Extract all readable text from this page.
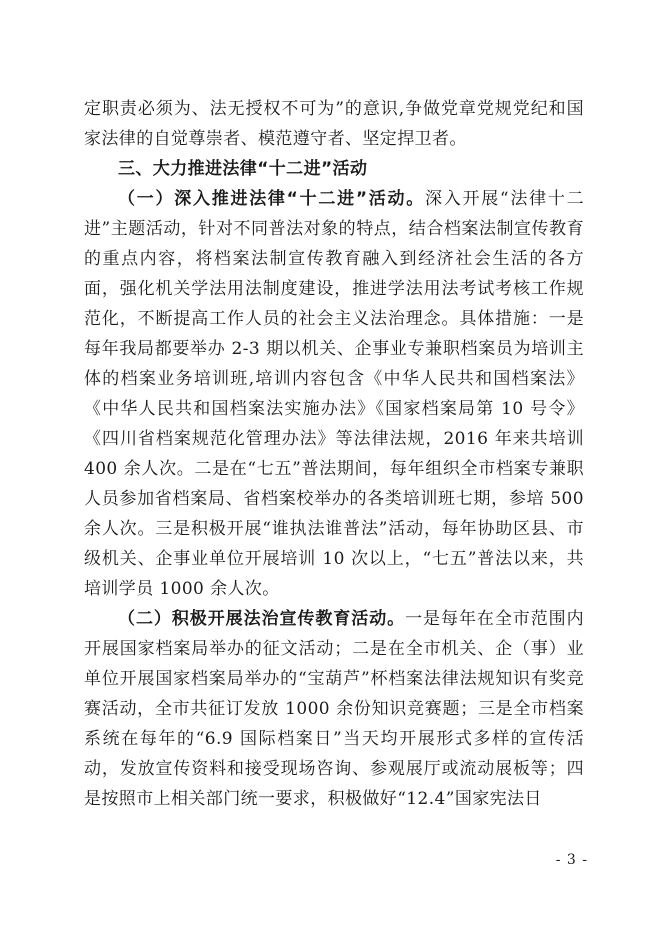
定职责必须为、法无授权不可为”的意识,争做党章党规党纪和国家法律的自觉尊崇者、模范遵守者、坚定捍卫者。

三、大力推进法律“十二进”活动

（一）深入推进法律“十二进”活动。深入开展“法律十二进”主题活动，针对不同普法对象的特点，结合档案法制宣传教育的重点内容，将档案法制宣传教育融入到经济社会生活的各方面，强化机关学法用法制度建设，推进学法用法考试考核工作规范化，不断提高工作人员的社会主义法治理念。具体措施：一是每年我局都要举办 2-3 期以机关、企事业专兼职档案员为培训主体的档案业务培训班,培训内容包含《中华人民共和国档案法》《中华人民共和国档案法实施办法》《国家档案局第 10 号令》《四川省档案规范化管理办法》等法律法规，2016 年来共培训 400 余人次。二是在“七五”普法期间，每年组织全市档案专兼职人员参加省档案局、省档案校举办的各类培训班七期，参培 500 余人次。三是积极开展“谁执法谁普法”活动，每年协助区县、市级机关、企事业单位开展培训 10 次以上，“七五”普法以来，共培训学员 1000 余人次。

（二）积极开展法治宣传教育活动。一是每年在全市范围内开展国家档案局举办的征文活动；二是在全市机关、企（事）业单位开展国家档案局举办的“宝葫芦”杯档案法律法规知识有奖竞赛活动，全市共征订发放 1000 余份知识竞赛题；三是全市档案系统在每年的“6.9 国际档案日”当天均开展形式多样的宣传活动，发放宣传资料和接受现场咨询、参观展厅或流动展板等；四是按照市上相关部门统一要求，积极做好“12.4”国家宪法日

- 3 -
